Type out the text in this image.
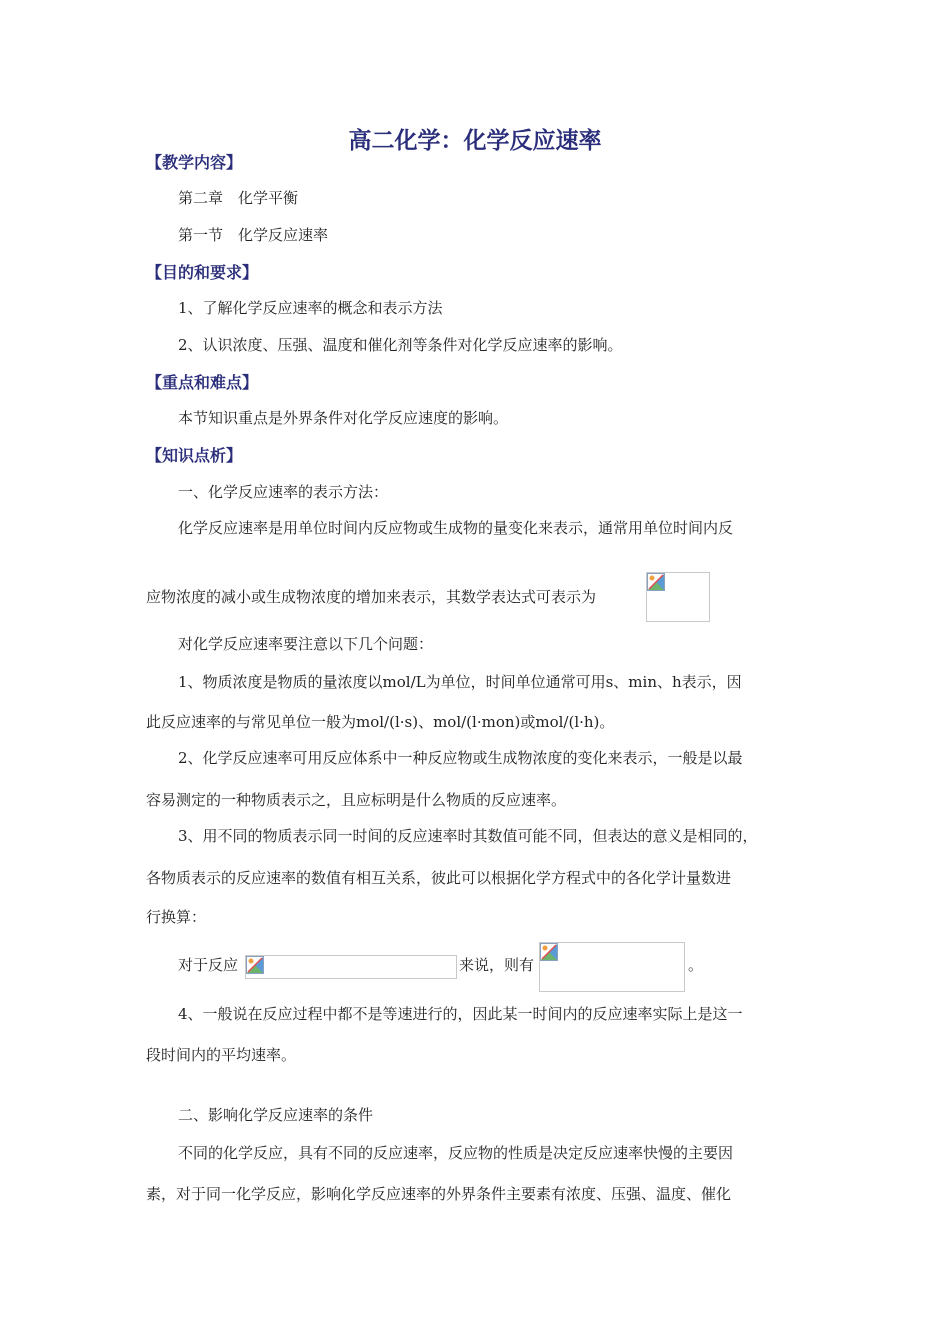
高二化学：化学反应速率
【教学内容】
第二章　化学平衡
第一节　化学反应速率
【目的和要求】
1、了解化学反应速率的概念和表示方法
2、认识浓度、压强、温度和催化剂等条件对化学反应速率的影响。
【重点和难点】
本节知识重点是外界条件对化学反应速度的影响。
【知识点析】
一、化学反应速率的表示方法：
化学反应速率是用单位时间内反应物或生成物的量变化来表示，通常用单位时间内反
应物浓度的减小或生成物浓度的增加来表示，其数学表达式可表示为
对化学反应速率要注意以下几个问题：
1、物质浓度是物质的量浓度以mol/L为单位，时间单位通常可用s、min、h表示，因
此反应速率的与常见单位一般为mol/(l·s)、mol/(l·mon)或mol/(l·h)。
2、化学反应速率可用反应体系中一种反应物或生成物浓度的变化来表示，一般是以最
容易测定的一种物质表示之，且应标明是什么物质的反应速率。
3、用不同的物质表示同一时间的反应速率时其数值可能不同，但表达的意义是相同的，
各物质表示的反应速率的数值有相互关系，彼此可以根据化学方程式中的各化学计量数进
行换算：
对于反应	来说，则有	。
4、一般说在反应过程中都不是等速进行的，因此某一时间内的反应速率实际上是这一
段时间内的平均速率。
二、影响化学反应速率的条件
不同的化学反应，具有不同的反应速率，反应物的性质是决定反应速率快慢的主要因
素，对于同一化学反应，影响化学反应速率的外界条件主要素有浓度、压强、温度、催化
